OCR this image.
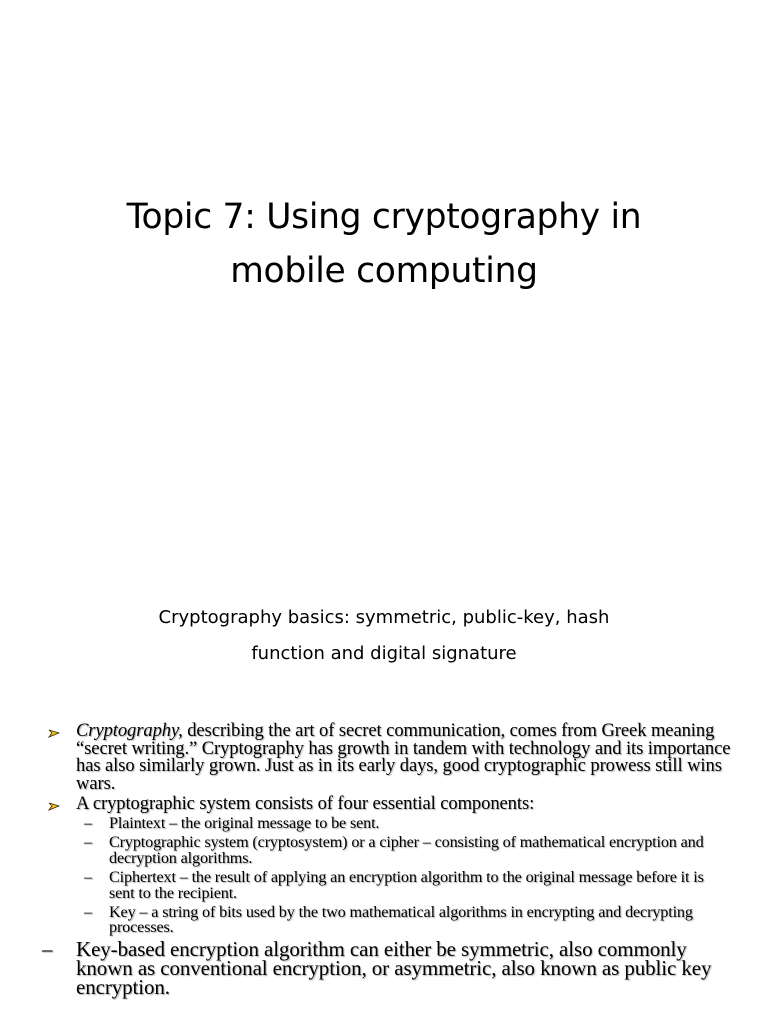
Topic 7: Using cryptography in
mobile computing
Cryptography basics: symmetric, public-key, hash
function and digital signature
Cryptography, describing the art of secret communication, comes from Greek meaning “secret writing.” Cryptography has growth in tandem with technology and its importance has also similarly grown. Just as in its early days, good cryptographic prowess still wins wars.
A cryptographic system consists of four essential components:
– Plaintext – the original message to be sent.
– Cryptographic system (cryptosystem) or a cipher – consisting of mathematical encryption and decryption algorithms.
– Ciphertext – the result of applying an encryption algorithm to the original message before it is sent to the recipient.
– Key – a string of bits used by the two mathematical algorithms in encrypting and decrypting processes.
– Key-based encryption algorithm can either be symmetric, also commonly known as conventional encryption, or asymmetric, also known as public key encryption.
